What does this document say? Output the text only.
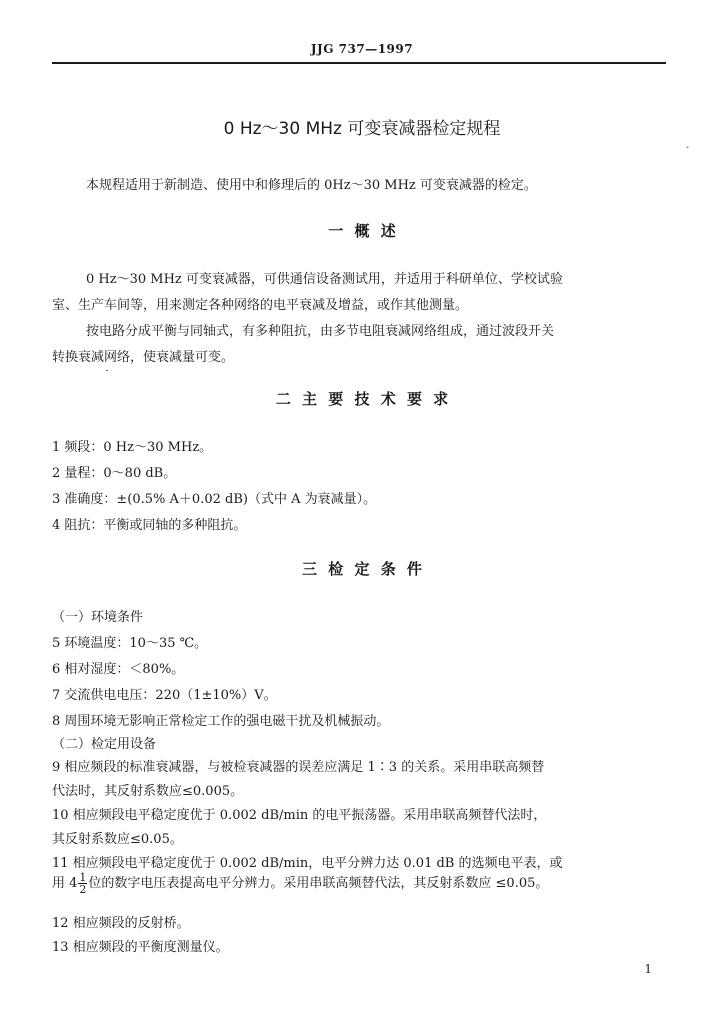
JJG 737—1997
0 Hz～30 MHz 可变衰减器检定规程
¸
本规程适用于新制造、使用中和修理后的 0Hz～30 MHz 可变衰减器的检定。
一 概 述
0 Hz～30 MHz 可变衰减器，可供通信设备测试用，并适用于科研单位、学校试验
室、生产车间等，用来测定各种网络的电平衰减及增益，或作其他测量。
按电路分成平衡与同轴式，有多种阻抗，由多节电阻衰减网络组成，通过波段开关
转换衰减网络，使衰减量可变。
二 主 要 技 术 要 求
1 频段：0 Hz～30 MHz。
2 量程：0～80 dB。
3 准确度：±(0.5% A＋0.02 dB)（式中 A 为衰减量）。
4 阻抗：平衡或同轴的多种阻抗。
三 检 定 条 件
（一）环境条件
5 环境温度：10～35 ℃。
6 相对湿度：＜80%。
7 交流供电电压：220（1±10%）V。
8 周围环境无影响正常检定工作的强电磁干扰及机械振动。
（二）检定用设备
9 相应频段的标准衰减器，与被检衰减器的误差应满足 1∶3 的关系。采用串联高频替
代法时，其反射系数应≤0.005。
10 相应频段电平稳定度优于 0.002 dB/min 的电平振荡器。采用串联高频替代法时，
其反射系数应≤0.05。
11 相应频段电平稳定度优于 0.002 dB/min，电平分辨力达 0.01 dB 的选频电平表，或
用 $4 \frac{1}{2}$ 位的数字电压表提高电平分辨力。采用串联高频替代法，其反射系数应 ≤0.05。
12 相应频段的反射桥。
13 相应频段的平衡度测量仪。
1
